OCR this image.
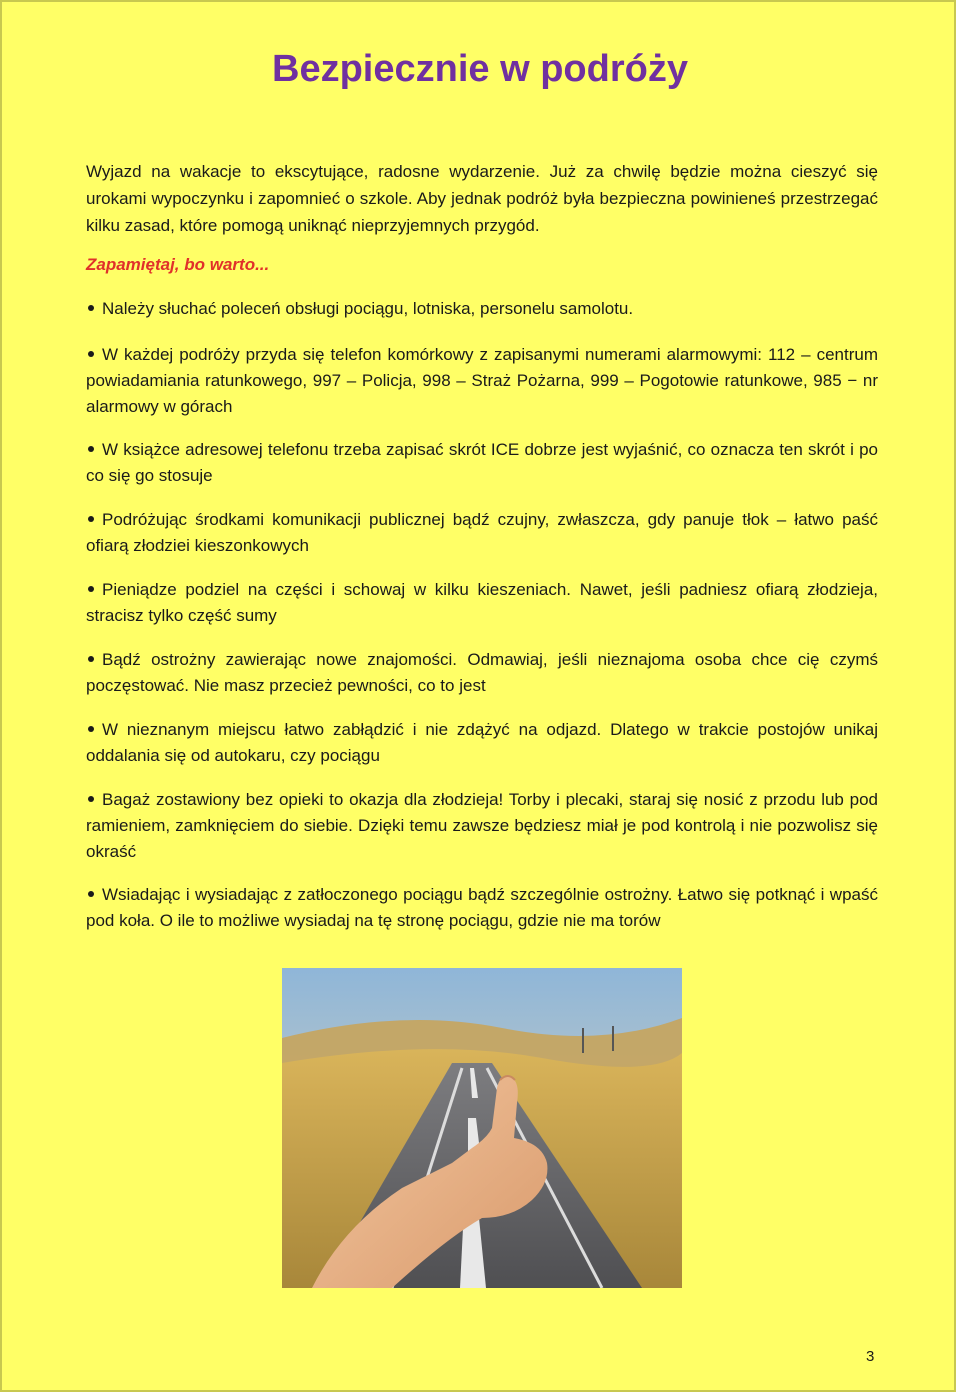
Bezpiecznie w podróży

Wyjazd na wakacje to ekscytujące, radosne wydarzenie. Już za chwilę będzie można cieszyć się urokami wypoczynku i zapomnieć o szkole. Aby jednak podróż była bezpieczna powinieneś przestrzegać kilku zasad, które pomogą uniknąć nieprzyjemnych przygód.

Zapamiętaj, bo warto...

Należy słuchać poleceń obsługi pociągu, lotniska, personelu samolotu.

W każdej podróży przyda się telefon komórkowy z zapisanymi numerami alarmowymi: 112 – centrum powiadamiania ratunkowego, 997 – Policja, 998 – Straż Pożarna, 999 – Pogotowie ratunkowe, 985 − nr alarmowy w górach

W książce adresowej telefonu trzeba zapisać skrót ICE dobrze jest wyjaśnić, co oznacza ten skrót i po co się go stosuje

Podróżując środkami komunikacji publicznej bądź czujny, zwłaszcza, gdy panuje tłok – łatwo paść ofiarą złodziei kieszonkowych

Pieniądze podziel na części i schowaj w kilku kieszeniach. Nawet, jeśli padniesz ofiarą złodzieja, stracisz tylko część sumy

Bądź ostrożny zawierając nowe znajomości. Odmawiaj, jeśli nieznajoma osoba chce cię czymś poczęstować. Nie masz przecież pewności, co to jest

W nieznanym miejscu łatwo zabłądzić i nie zdążyć na odjazd. Dlatego w trakcie postojów unikaj oddalania się od autokaru, czy pociągu

Bagaż zostawiony bez opieki to okazja dla złodzieja! Torby i plecaki, staraj się nosić z przodu lub pod ramieniem, zamknięciem do siebie. Dzięki temu zawsze będziesz miał je pod kontrolą i nie pozwolisz się okraść

Wsiadając i wysiadając z zatłoczonego pociągu bądź szczególnie ostrożny. Łatwo się potknąć i wpaść pod koła. O ile to możliwe wysiadaj na tę stronę pociągu, gdzie nie ma torów

3
